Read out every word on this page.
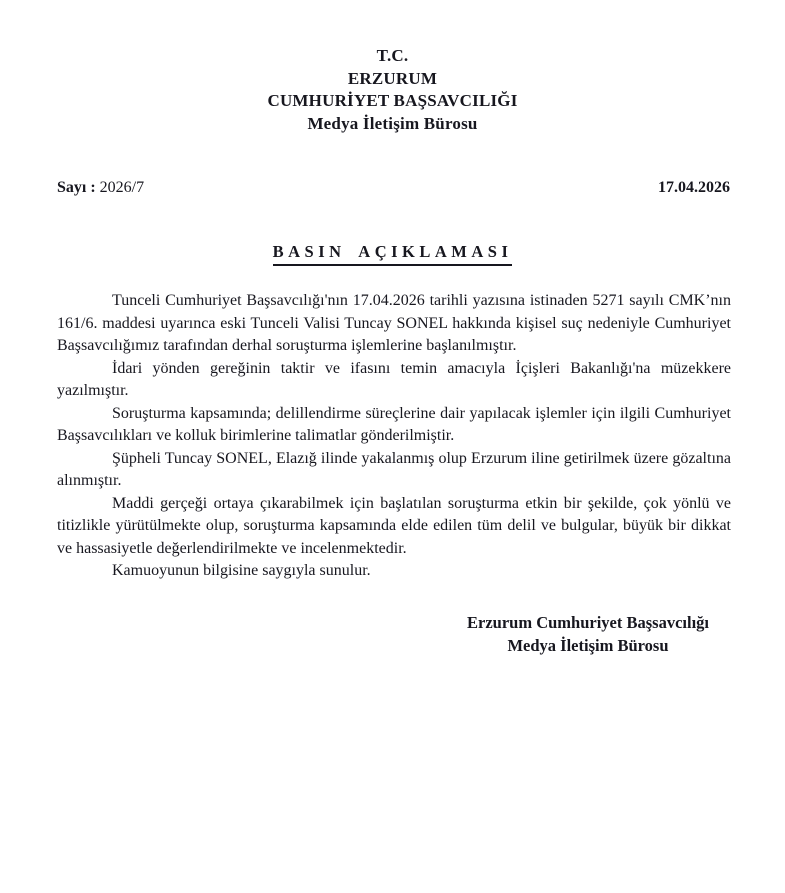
T.C.
ERZURUM
CUMHURİYET BAŞSAVCILIĞI
Medya İletişim Bürosu
Sayı : 2026/7	17.04.2026
BASIN AÇIKLAMASI

Tunceli Cumhuriyet Başsavcılığı'nın 17.04.2026 tarihli yazısına istinaden 5271 sayılı CMK’nın 161/6. maddesi uyarınca eski Tunceli Valisi Tuncay SONEL hakkında kişisel suç nedeniyle Cumhuriyet Başsavcılığımız tarafından derhal soruşturma işlemlerine başlanılmıştır.

İdari yönden gereğinin taktir ve ifasını temin amacıyla İçişleri Bakanlığı'na müzekkere yazılmıştır.

Soruşturma kapsamında; delillendirme süreçlerine dair yapılacak işlemler için ilgili Cumhuriyet Başsavcılıkları ve kolluk birimlerine talimatlar gönderilmiştir.

Şüpheli Tuncay SONEL, Elazığ ilinde yakalanmış olup Erzurum iline getirilmek üzere gözaltına alınmıştır.

Maddi gerçeği ortaya çıkarabilmek için başlatılan soruşturma etkin bir şekilde, çok yönlü ve titizlikle yürütülmekte olup, soruşturma kapsamında elde edilen tüm delil ve bulgular, büyük bir dikkat ve hassasiyetle değerlendirilmekte ve incelenmektedir.

Kamuoyunun bilgisine saygıyla sunulur.

Erzurum Cumhuriyet Başsavcılığı
Medya İletişim Bürosu
